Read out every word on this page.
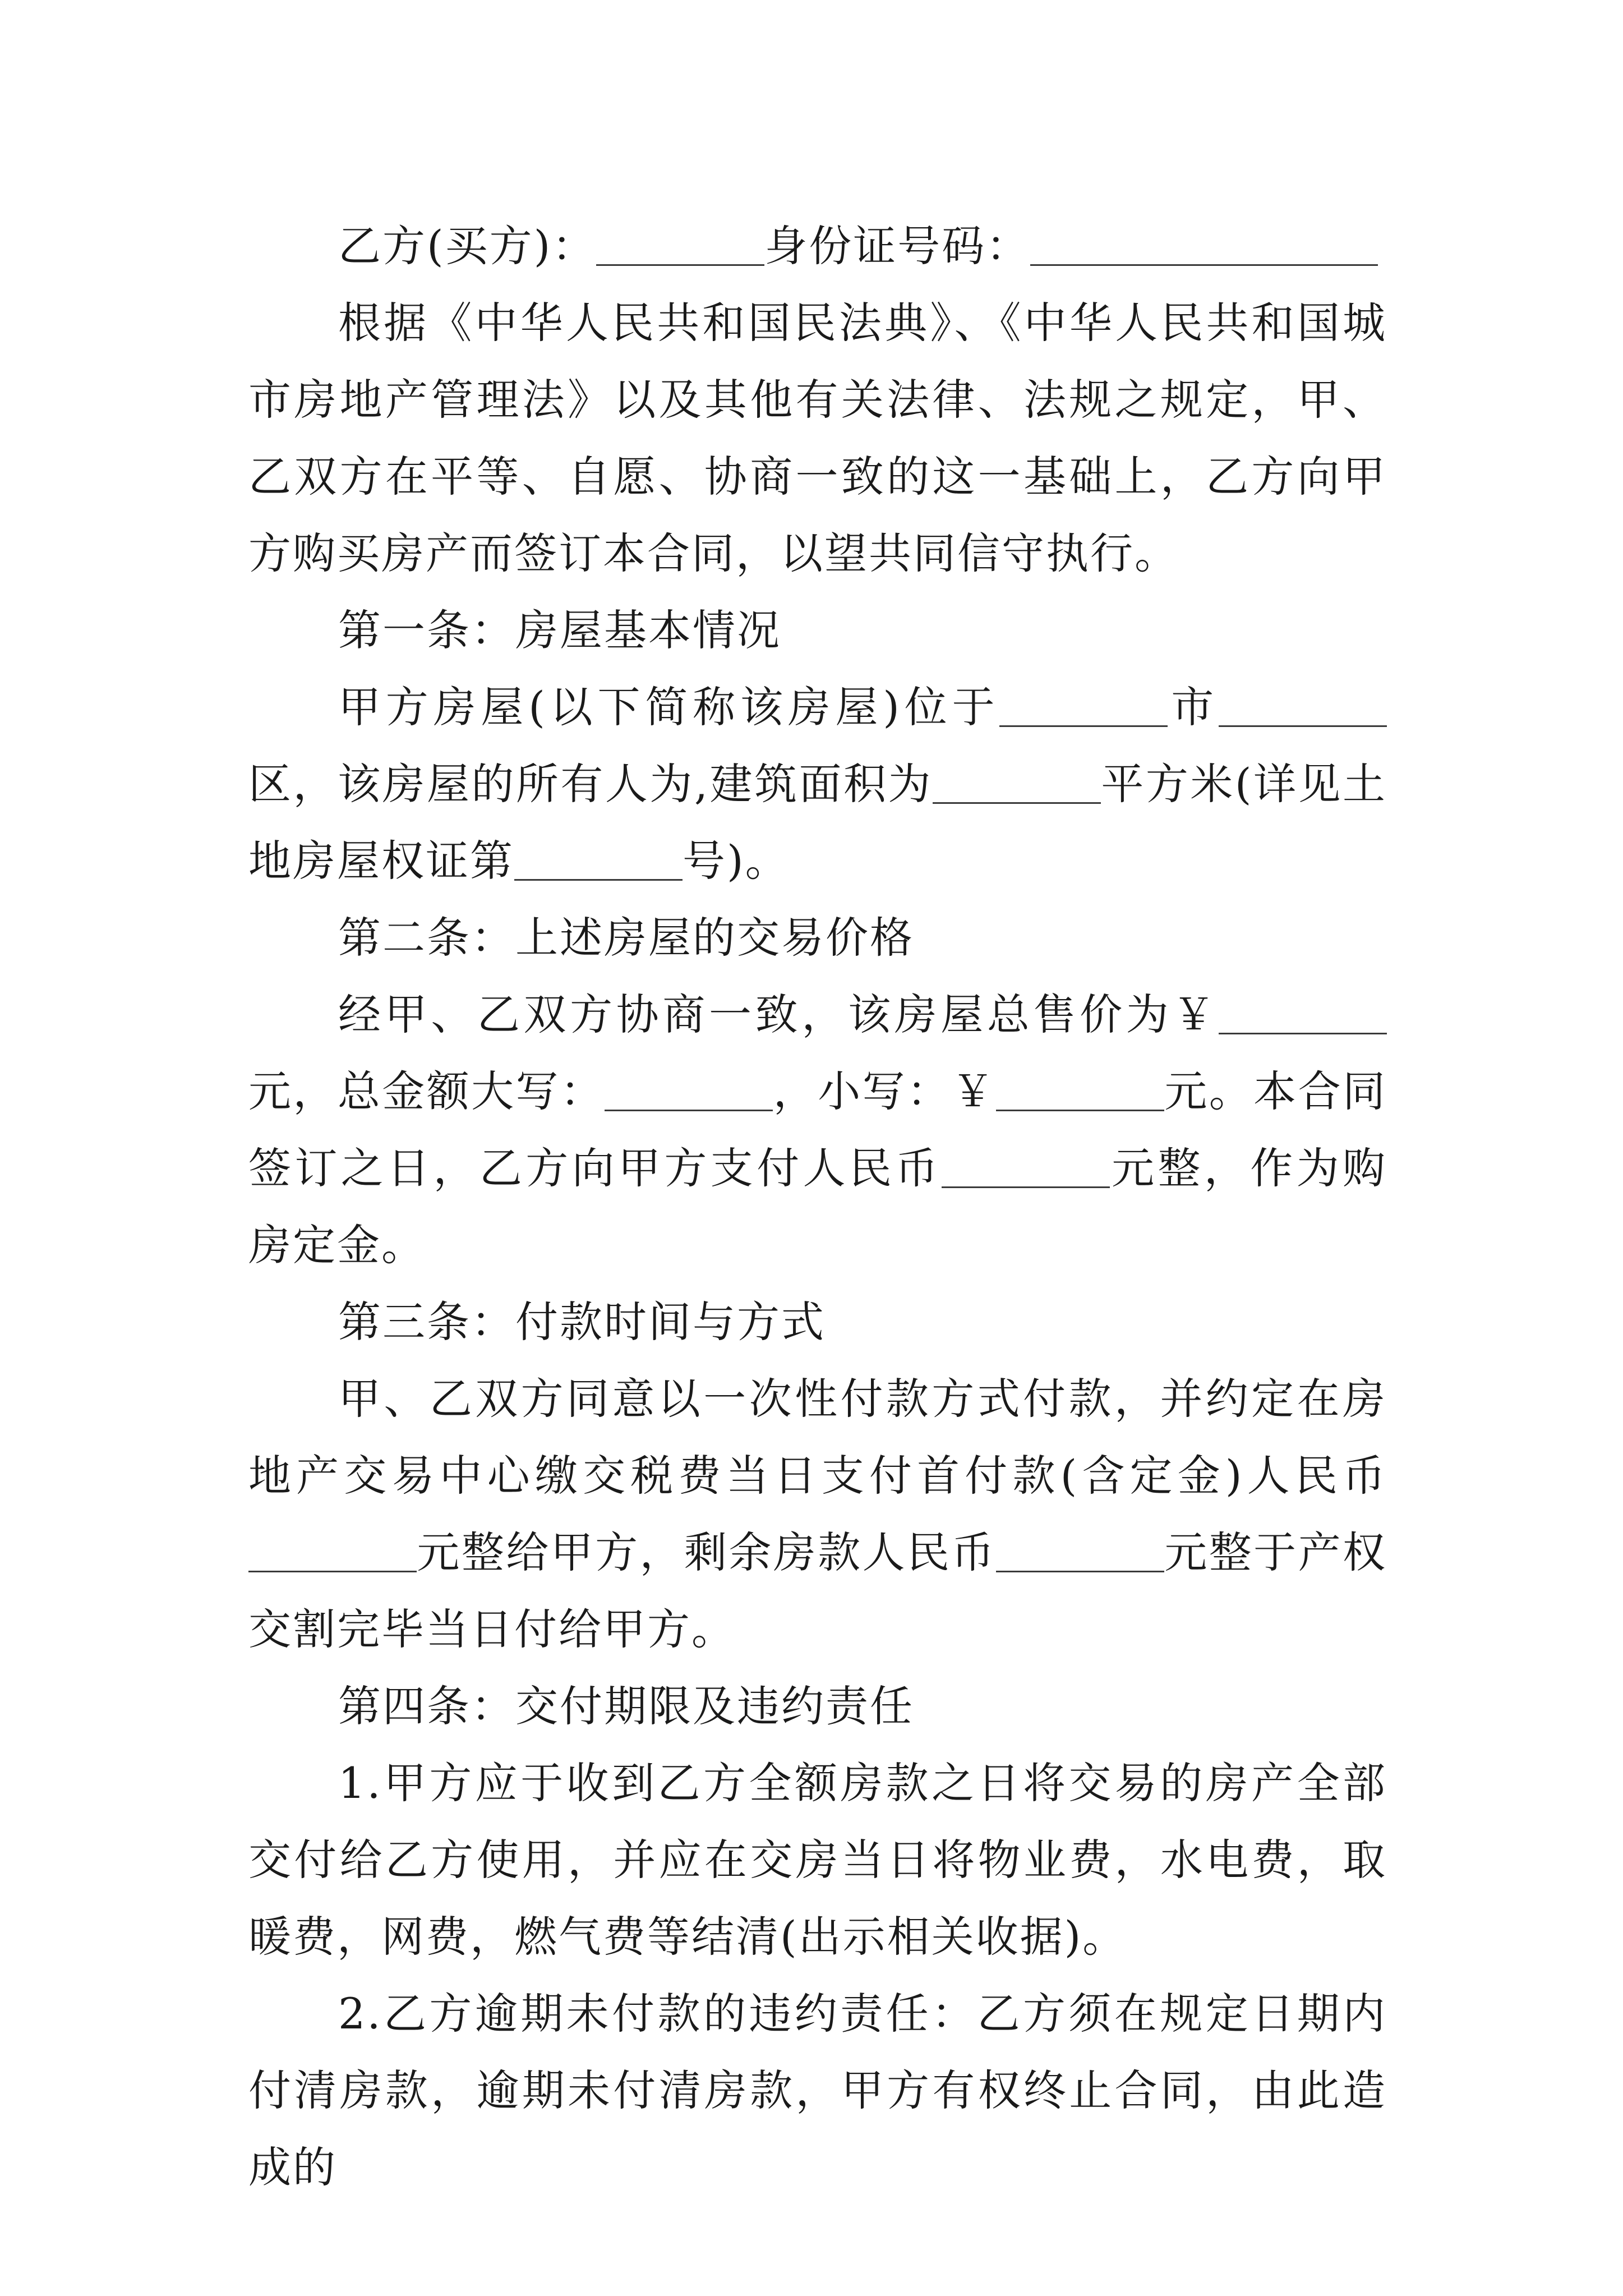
乙方(买方)：	身份证号码：

根据《中华人民共和国民法典》、《中华人民共和国城市房地产管理法》以及其他有关法律、法规之规定，甲、乙双方在平等、自愿、协商一致的这一基础上，乙方向甲方购买房产而签订本合同，以望共同信守执行。

第一条：房屋基本情况

甲方房屋(以下简称该房屋)位于	市区，该房屋的所有人为,建筑面积为	平方米(详见土地房屋权证第	号)。

第二条：上述房屋的交易价格

经甲、乙双方协商一致，该房屋总售价为￥元，总金额大写：	，小写：￥	元。本合同签订之日，乙方向甲方支付人民币	元整，作为购房定金。

第三条：付款时间与方式

甲、乙双方同意以一次性付款方式付款，并约定在房地产交易中心缴交税费当日支付首付款(含定金)人民币元整给甲方，剩余房款人民币	元整于产权交割完毕当日付给甲方。

第四条：交付期限及违约责任

1.甲方应于收到乙方全额房款之日将交易的房产全部交付给乙方使用，并应在交房当日将物业费，水电费，取暖费，网费，燃气费等结清(出示相关收据)。

2.乙方逾期未付款的违约责任：乙方须在规定日期内付清房款，逾期未付清房款，甲方有权终止合同，由此造成的
